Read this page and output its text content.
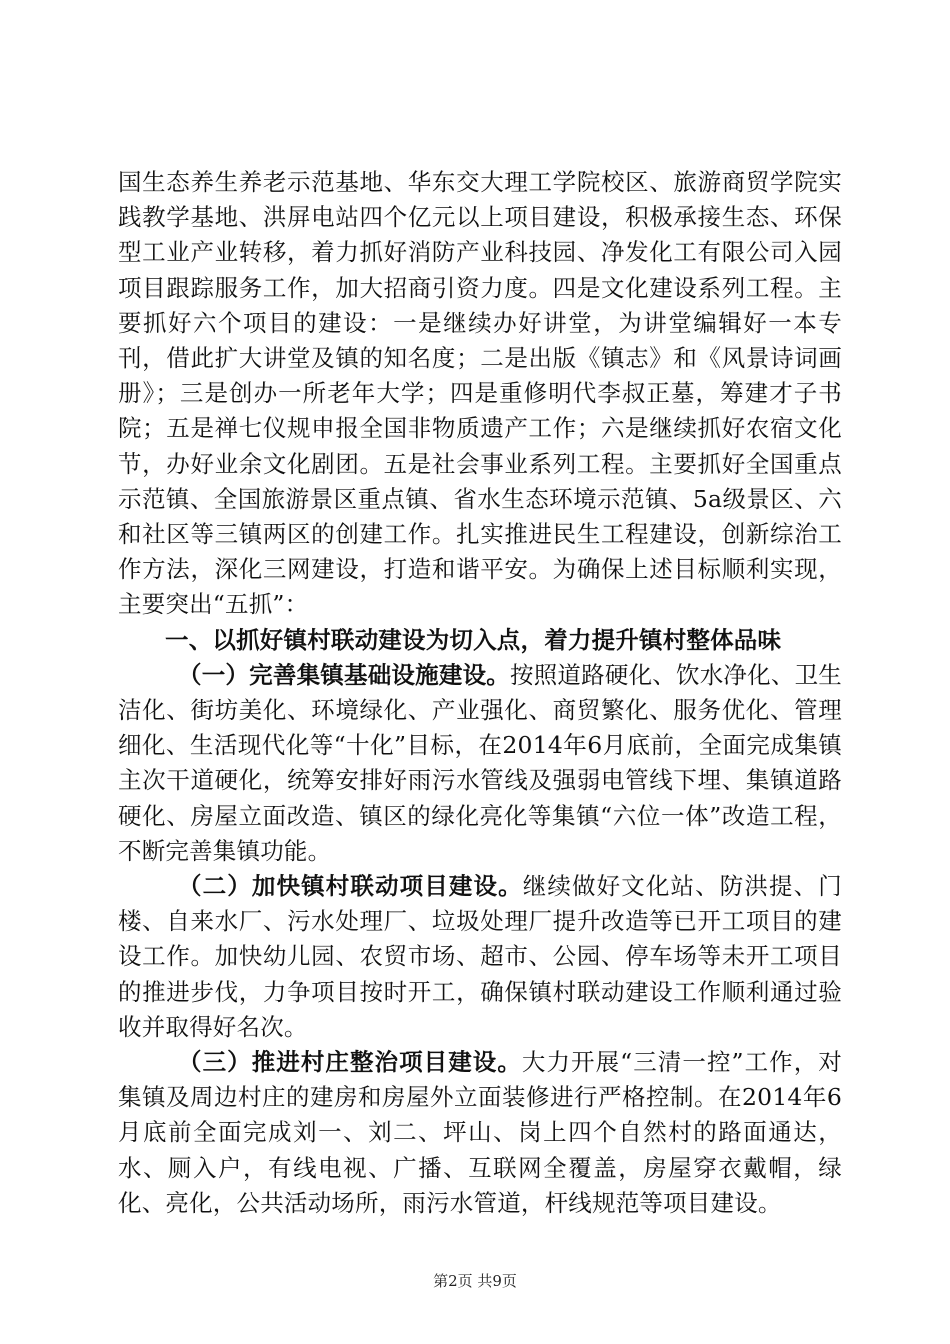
国生态养生养老示范基地、华东交大理工学院校区、旅游商贸学院实践教学基地、洪屏电站四个亿元以上项目建设，积极承接生态、环保型工业产业转移，着力抓好消防产业科技园、净发化工有限公司入园项目跟踪服务工作，加大招商引资力度。四是文化建设系列工程。主要抓好六个项目的建设：一是继续办好讲堂，为讲堂编辑好一本专刊，借此扩大讲堂及镇的知名度；二是出版《镇志》和《风景诗词画册》；三是创办一所老年大学；四是重修明代李叔正墓，筹建才子书院；五是禅七仪规申报全国非物质遗产工作；六是继续抓好农宿文化节，办好业余文化剧团。五是社会事业系列工程。主要抓好全国重点示范镇、全国旅游景区重点镇、省水生态环境示范镇、5a级景区、六和社区等三镇两区的创建工作。扎实推进民生工程建设，创新综治工作方法，深化三网建设，打造和谐平安。为确保上述目标顺利实现，主要突出“五抓”：

一、以抓好镇村联动建设为切入点，着力提升镇村整体品味

（一）完善集镇基础设施建设。按照道路硬化、饮水净化、卫生洁化、街坊美化、环境绿化、产业强化、商贸繁化、服务优化、管理细化、生活现代化等“十化”目标，在2014年6月底前，全面完成集镇主次干道硬化，统筹安排好雨污水管线及强弱电管线下埋、集镇道路硬化、房屋立面改造、镇区的绿化亮化等集镇“六位一体”改造工程，不断完善集镇功能。

（二）加快镇村联动项目建设。继续做好文化站、防洪提、门楼、自来水厂、污水处理厂、垃圾处理厂提升改造等已开工项目的建设工作。加快幼儿园、农贸市场、超市、公园、停车场等未开工项目的推进步伐，力争项目按时开工，确保镇村联动建设工作顺利通过验收并取得好名次。

（三）推进村庄整治项目建设。大力开展“三清一控”工作，对集镇及周边村庄的建房和房屋外立面装修进行严格控制。在2014年6月底前全面完成刘一、刘二、坪山、岗上四个自然村的路面通达，水、厕入户，有线电视、广播、互联网全覆盖，房屋穿衣戴帽，绿化、亮化，公共活动场所，雨污水管道，杆线规范等项目建设。

第2页 共9页
